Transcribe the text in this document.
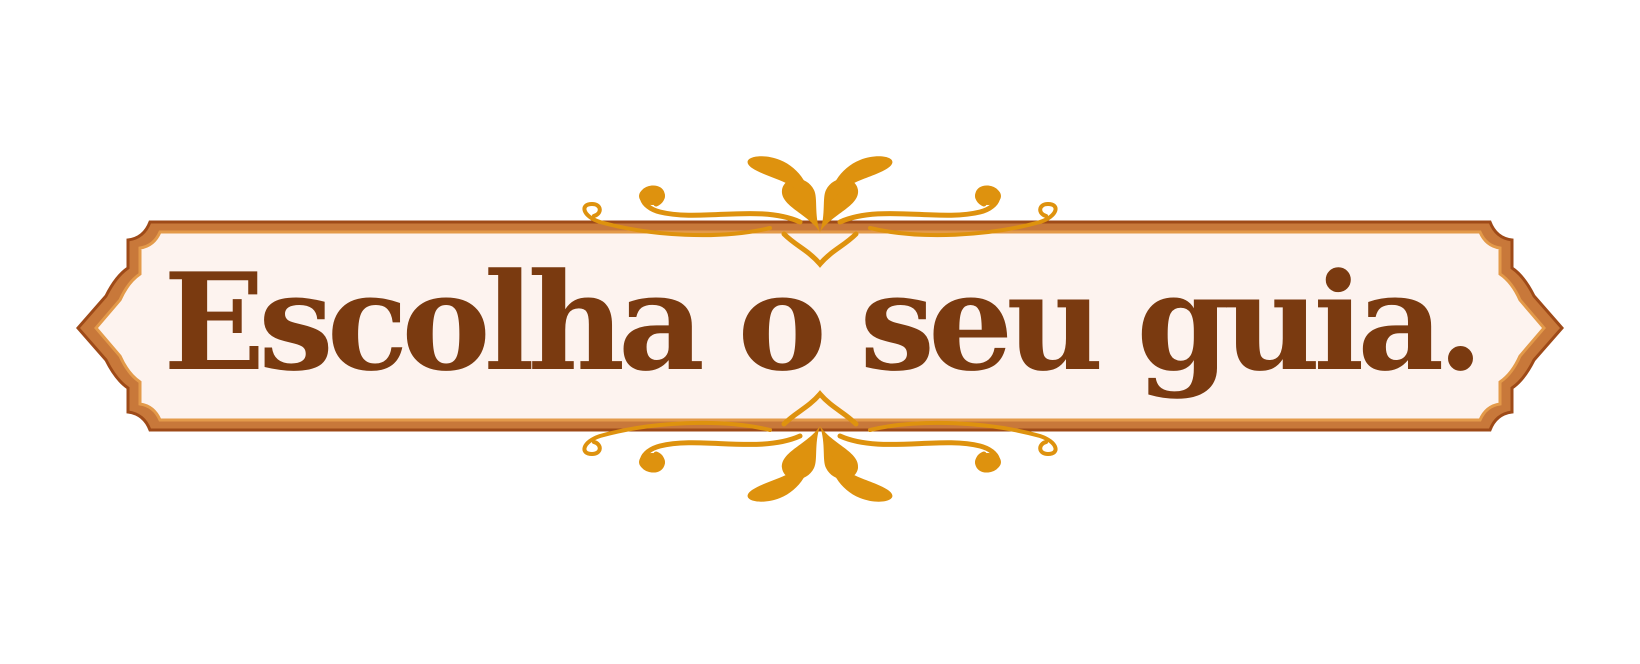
Escolha o seu guia.
